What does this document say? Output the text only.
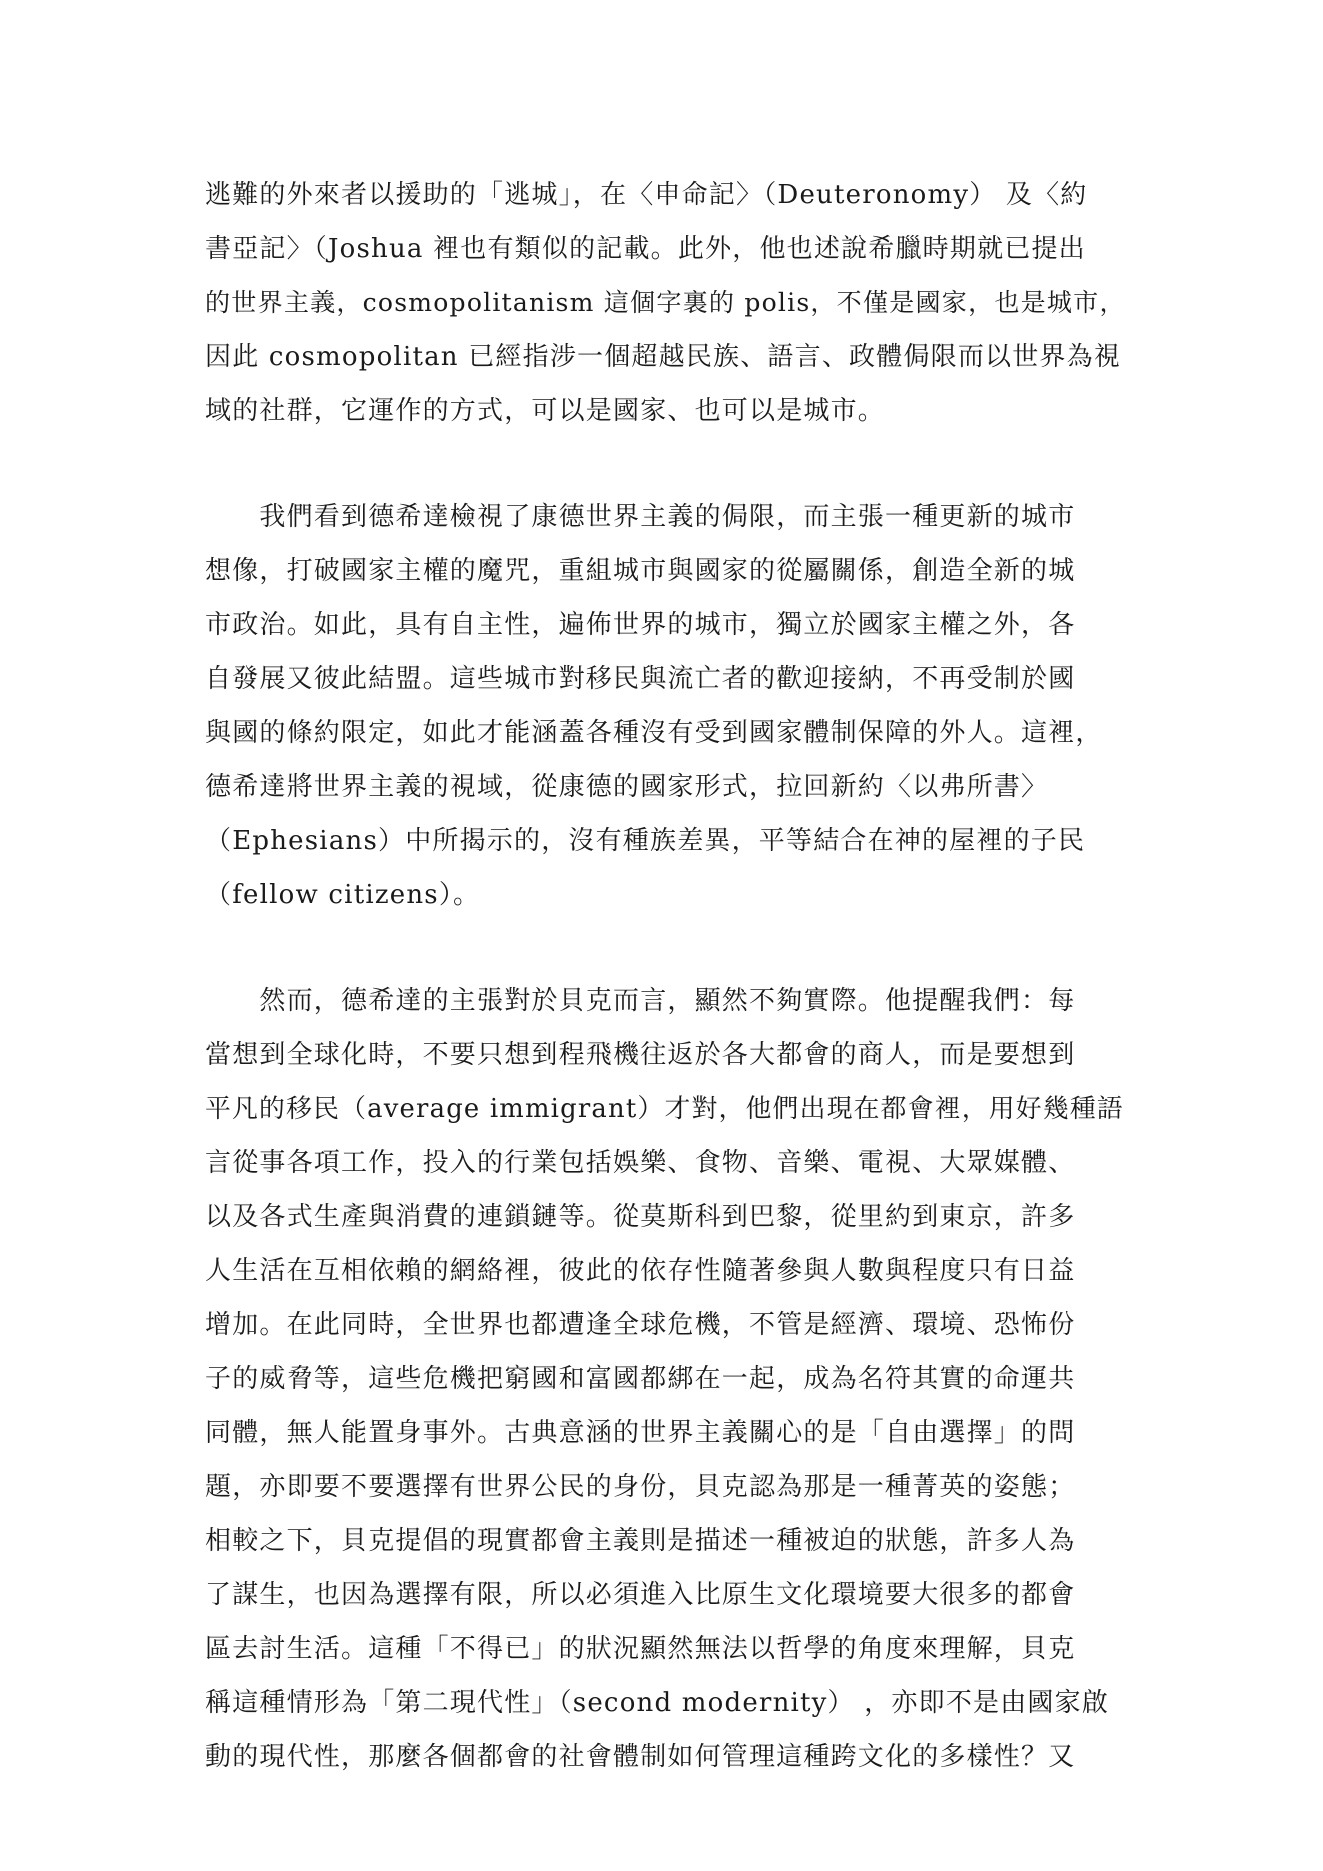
逃難的外來者以援助的「逃城」，在〈申命記〉（Deuteronomy） 及〈約
書亞記〉（Joshua 裡也有類似的記載。此外，他也述說希臘時期就已提出
的世界主義，cosmopolitanism 這個字裏的 polis，不僅是國家，也是城市，
因此 cosmopolitan 已經指涉一個超越民族、語言、政體侷限而以世界為視
域的社群，它運作的方式，可以是國家、也可以是城市。
　　我們看到德希達檢視了康德世界主義的侷限，而主張一種更新的城市
想像，打破國家主權的魔咒，重組城市與國家的從屬關係，創造全新的城
市政治。如此，具有自主性，遍佈世界的城市，獨立於國家主權之外，各
自發展又彼此結盟。這些城市對移民與流亡者的歡迎接納，不再受制於國
與國的條約限定，如此才能涵蓋各種沒有受到國家體制保障的外人。這裡，
德希達將世界主義的視域，從康德的國家形式，拉回新約〈以弗所書〉
（Ephesians）中所揭示的，沒有種族差異，平等結合在神的屋裡的子民
（fellow citizens）。
　　然而，德希達的主張對於貝克而言，顯然不夠實際。他提醒我們：每
當想到全球化時，不要只想到程飛機往返於各大都會的商人，而是要想到
平凡的移民（average immigrant）才對，他們出現在都會裡，用好幾種語
言從事各項工作，投入的行業包括娛樂、食物、音樂、電視、大眾媒體、
以及各式生產與消費的連鎖鏈等。從莫斯科到巴黎，從里約到東京，許多
人生活在互相依賴的網絡裡，彼此的依存性隨著參與人數與程度只有日益
增加。在此同時，全世界也都遭逢全球危機，不管是經濟、環境、恐怖份
子的威脅等，這些危機把窮國和富國都綁在一起，成為名符其實的命運共
同體，無人能置身事外。古典意涵的世界主義關心的是「自由選擇」的問
題，亦即要不要選擇有世界公民的身份，貝克認為那是一種菁英的姿態；
相較之下，貝克提倡的現實都會主義則是描述一種被迫的狀態，許多人為
了謀生，也因為選擇有限，所以必須進入比原生文化環境要大很多的都會
區去討生活。這種「不得已」的狀況顯然無法以哲學的角度來理解，貝克
稱這種情形為「第二現代性」（second modernity） ，亦即不是由國家啟
動的現代性，那麼各個都會的社會體制如何管理這種跨文化的多樣性？又
